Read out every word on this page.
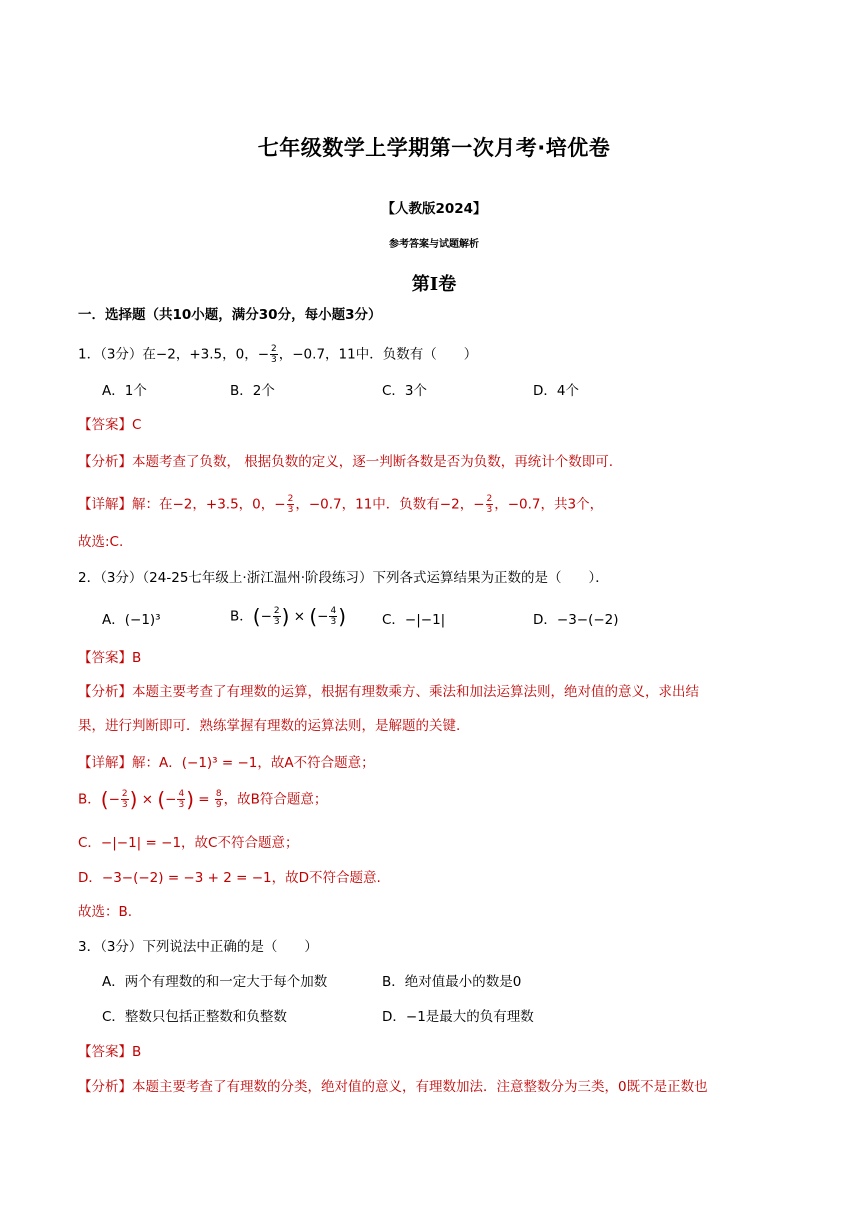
七年级数学上学期第一次月考·培优卷
【人教版2024】
参考答案与试题解析
第Ⅰ卷
一．选择题（共10小题，满分30分，每小题3分）
1．（3分）在−2，+3.5，0，− $\frac{2}{3}$ ，−0.7，11中．负数有（　　）
A．1个	B．2个	C．3个	D．4个
【答案】C
【分析】本题考查了负数， 根据负数的定义，逐一判断各数是否为负数，再统计个数即可.
【详解】解：在−2，+3.5，0，− $\frac{2}{3}$ ，−0.7，11中．负数有−2，− $\frac{2}{3}$ ，−0.7，共3个，
故选:C.
2．（3分）（24-25七年级上·浙江温州·阶段练习）下列各式运算结果为正数的是（　　）．
A．(−1)³	B．(− $\frac{2}{3}$ ) × (− $\frac{4}{3}$ )	C．−|−1|	D．−3−(−2)
【答案】B
【分析】本题主要考查了有理数的运算，根据有理数乘方、乘法和加法运算法则，绝对值的意义，求出结
果，进行判断即可．熟练掌握有理数的运算法则，是解题的关键.
【详解】解：A．(−1)³ = −1，故A不符合题意；
B．(− $\frac{2}{3}$ ) × (− $\frac{4}{3}$ ) = $\frac{8}{9}$ ，故B符合题意；
C．−|−1| = −1，故C不符合题意；
D．−3−(−2) = −3 + 2 = −1，故D不符合题意.
故选：B.
3．（3分）下列说法中正确的是（　　）
A．两个有理数的和一定大于每个加数	B．绝对值最小的数是0
C．整数只包括正整数和负整数	D．−1是最大的负有理数
【答案】B
【分析】本题主要考查了有理数的分类，绝对值的意义，有理数加法．注意整数分为三类，0既不是正数也
